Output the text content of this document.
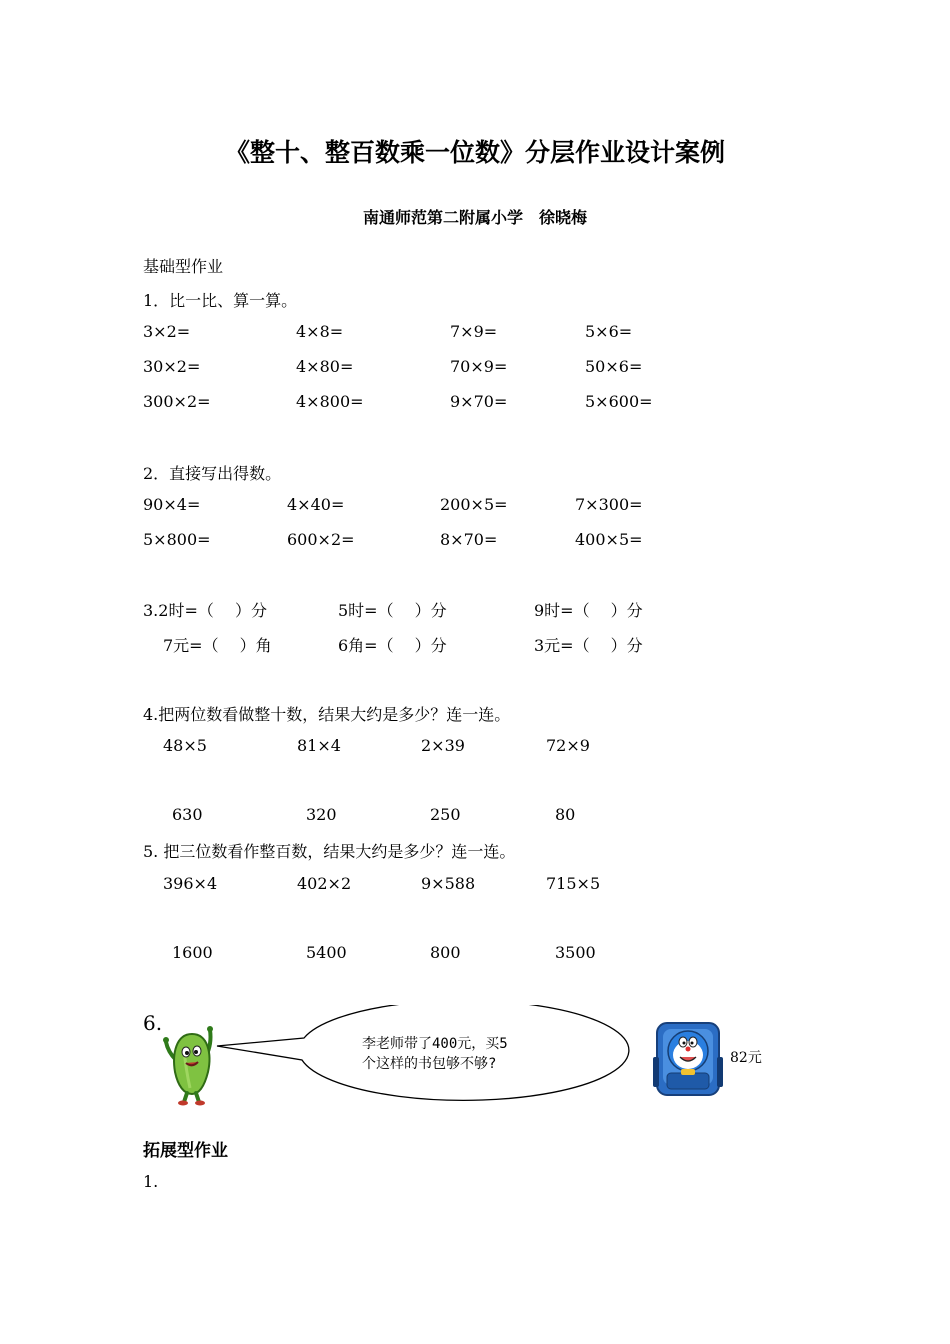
《整十、整百数乘一位数》分层作业设计案例
南通师范第二附属小学　徐晓梅
基础型作业
1．比一比、算一算。
3×2=	4×8=	7×9=	5×6=
30×2=	4×80=	70×9=	50×6=
300×2=	4×800=	9×70=	5×600=
2．直接写出得数。
90×4=	4×40=	200×5=	7×300=
5×800=	600×2=	8×70=	400×5=
3.2时=（　 ）分	5时=（　 ）分	9时=（　 ）分
7元=（　 ）角	6角=（　 ）分	3元=（　 ）分
4.把两位数看做整十数，结果大约是多少？连一连。
48×5	81×4	2×39	72×9
630	320	250	80
5. 把三位数看作整百数，结果大约是多少？连一连。
396×4	402×2	9×588	715×5
1600	5400	800	3500
6.
李老师带了400元，买5
个这样的书包够不够?	82元
拓展型作业
1.
